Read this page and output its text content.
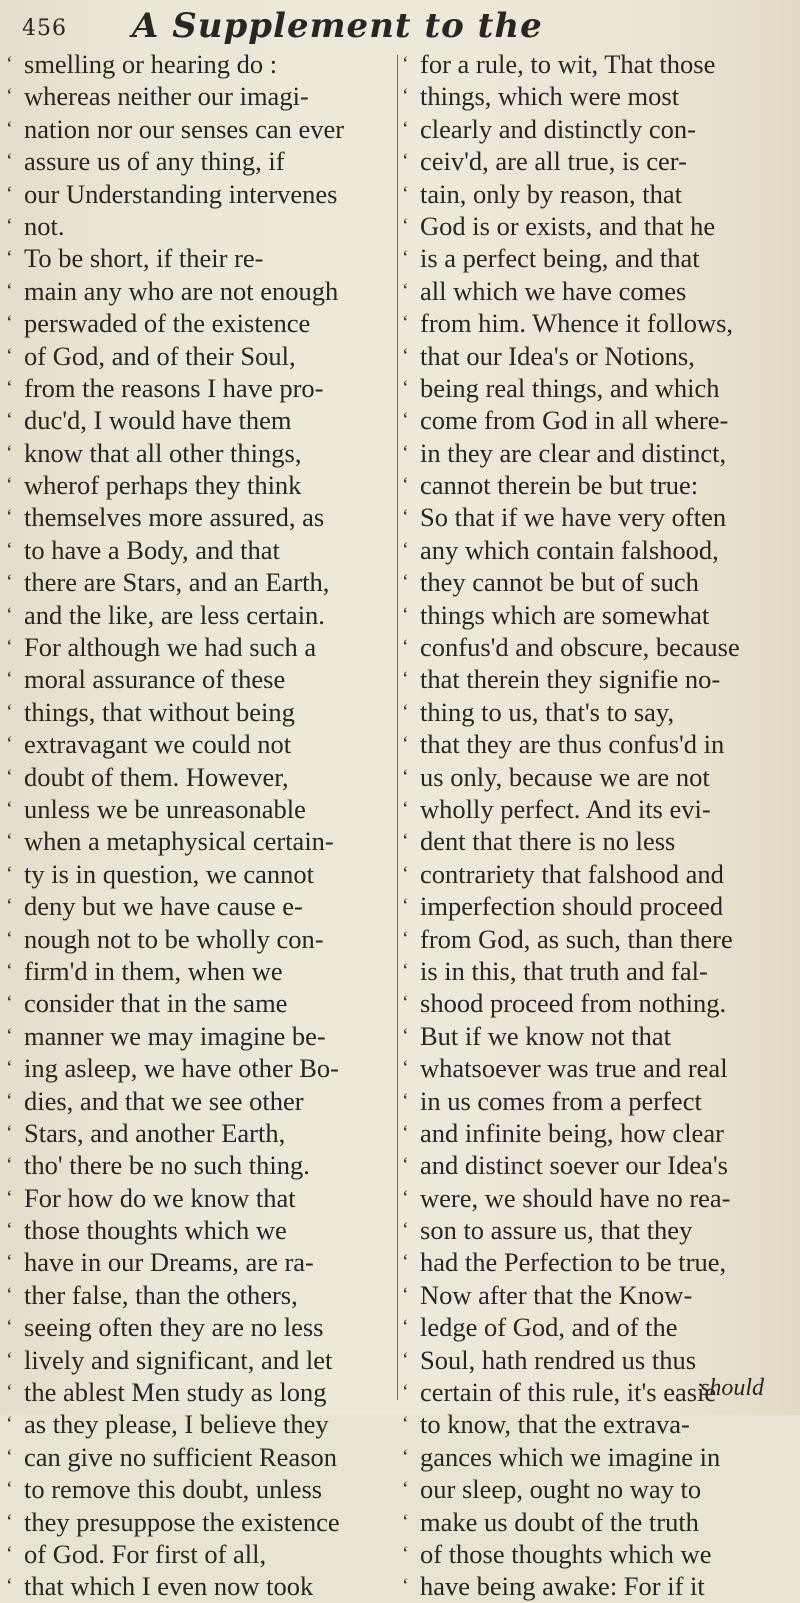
456 A Supplement to the
‘ smelling or hearing do :
‘ whereas neither our imagi-
‘ nation nor our senses can ever
‘ assure us of any thing, if
‘ our Understanding intervenes
‘ not.
‘ To be short, if their re-
‘ main any who are not enough
‘ perswaded of the existence
‘ of God, and of their Soul,
‘ from the reasons I have pro-
‘ duc'd, I would have them
‘ know that all other things,
‘ wherof perhaps they think
‘ themselves more assured, as
‘ to have a Body, and that
‘ there are Stars, and an Earth,
‘ and the like, are less certain.
‘ For although we had such a
‘ moral assurance of these
‘ things, that without being
‘ extravagant we could not
‘ doubt of them. However,
‘ unless we be unreasonable
‘ when a metaphysical certain-
‘ ty is in question, we cannot
‘ deny but we have cause e-
‘ nough not to be wholly con-
‘ firm'd in them, when we
‘ consider that in the same
‘ manner we may imagine be-
‘ ing asleep, we have other Bo-
‘ dies, and that we see other
‘ Stars, and another Earth,
‘ tho' there be no such thing.
‘ For how do we know that
‘ those thoughts which we
‘ have in our Dreams, are ra-
‘ ther false, than the others,
‘ seeing often they are no less
‘ lively and significant, and let
‘ the ablest Men study as long
‘ as they please, I believe they
‘ can give no sufficient Reason
‘ to remove this doubt, unless
‘ they presuppose the existence
‘ of God. For first of all,
‘ that which I even now took
‘ for a rule, to wit, That those
‘ things, which were most
‘ clearly and distinctly con-
‘ ceiv'd, are all true, is cer-
‘ tain, only by reason, that
‘ God is or exists, and that he
‘ is a perfect being, and that
‘ all which we have comes
‘ from him. Whence it follows,
‘ that our Idea's or Notions,
‘ being real things, and which
‘ come from God in all where-
‘ in they are clear and distinct,
‘ cannot therein be but true:
‘ So that if we have very often
‘ any which contain falshood,
‘ they cannot be but of such
‘ things which are somewhat
‘ confus'd and obscure, because
‘ that therein they signifie no-
‘ thing to us, that's to say,
‘ that they are thus confus'd in
‘ us only, because we are not
‘ wholly perfect. And its evi-
‘ dent that there is no less
‘ contrariety that falshood and
‘ imperfection should proceed
‘ from God, as such, than there
‘ is in this, that truth and fal-
‘ shood proceed from nothing.
‘ But if we know not that
‘ whatsoever was true and real
‘ in us comes from a perfect
‘ and infinite being, how clear
‘ and distinct soever our Idea's
‘ were, we should have no rea-
‘ son to assure us, that they
‘ had the Perfection to be true,
‘ Now after that the Know-
‘ ledge of God, and of the
‘ Soul, hath rendred us thus
‘ certain of this rule, it's easie
‘ to know, that the extrava-
‘ gances which we imagine in
‘ our sleep, ought no way to
‘ make us doubt of the truth
‘ of those thoughts which we
‘ have being awake: For if it
should
